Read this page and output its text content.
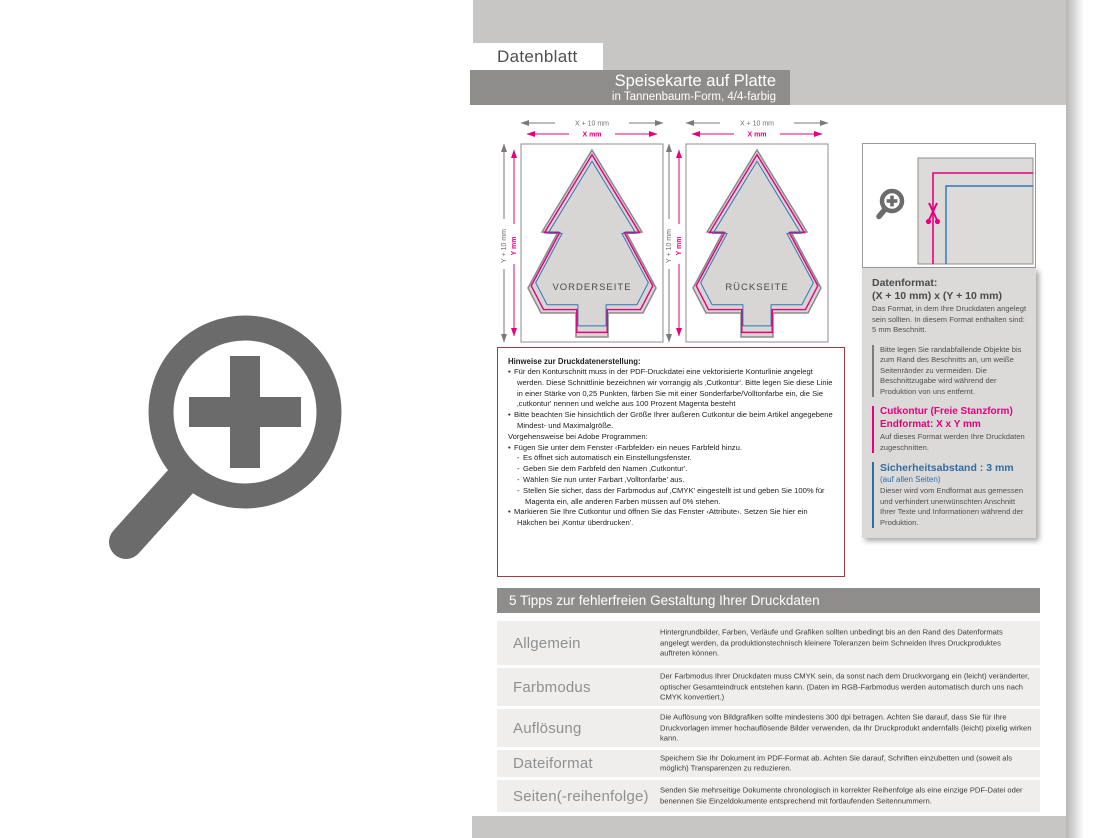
Datenblatt
Speisekarte auf Platte
in Tannenbaum-Form, 4/4-farbig
X + 10 mm
X mm
Y + 10 mm Y mm
VORDERSEITE
X + 10 mm
X mm
Y + 10 mm Y mm
RÜCKSEITE	Datenformat:
(X + 10 mm) x (Y + 10 mm)
Das Format, in dem Ihre Druckdaten angelegt sein sollten. In diesem Format enthalten sind: 5 mm Beschnitt.
Bitte legen Sie randabfallende Objekte bis zum Rand des Beschnitts an, um weiße Seitenränder zu vermeiden. Die Beschnittzugabe wird während der Produktion von uns entfernt.
Cutkontur (Freie Stanzform)
Endformat: X x Y mm
Auf dieses Format werden Ihre Druckdaten zugeschnitten.
Sicherheitsabstand : 3 mm
(auf allen Seiten)
Dieser wird vom Endformat aus gemessen und verhindert unerwünschten Anschnitt Ihrer Texte und Informationen während der Produktion.
Hinweise zur Druckdatenerstellung:
• Für den Konturschnitt muss in der PDF-Druckdatei eine vektorisierte Konturlinie angelegt werden. Diese Schnittlinie bezeichnen wir vorrangig als ‚Cutkontur'. Bitte legen Sie diese Linie in einer Stärke von 0,25 Punkten, färben Sie mit einer Sonderfarbe/Volltonfarbe ein, die Sie ‚cutkontur' nennen und welche aus 100 Prozent Magenta besteht
• Bitte beachten Sie hinsichtlich der Größe Ihrer äußeren Cutkontur die beim Artikel angegebene Mindest- und Maximalgröße.
Vorgehensweise bei Adobe Programmen:
• Fügen Sie unter dem Fenster ‹Farbfelder› ein neues Farbfeld hinzu.
- Es öffnet sich automatisch ein Einstellungsfenster.
- Geben Sie dem Farbfeld den Namen ‚Cutkontur'.
- Wählen Sie nun unter Farbart ‚Volltonfarbe' aus.
- Stellen Sie sicher, dass der Farbmodus auf ‚CMYK' eingestellt ist und geben Sie 100% für Magenta ein, alle anderen Farben müssen auf 0% stehen.
• Markieren Sie Ihre Cutkontur und öffnen Sie das Fenster ‹Attribute›. Setzen Sie hier ein Häkchen bei ‚Kontur überdrucken'.
5 Tipps zur fehlerfreien Gestaltung Ihrer Druckdaten
Allgemein
Hintergrundbilder, Farben, Verläufe und Grafiken sollten unbedingt bis an den Rand des Datenformats angelegt werden, da produktionstechnisch kleinere Toleranzen beim Schneiden Ihres Druckproduktes auftreten können.
Farbmodus
Der Farbmodus Ihrer Druckdaten muss CMYK sein, da sonst nach dem Druckvorgang ein (leicht) veränderter, optischer Gesamteindruck entstehen kann. (Daten im RGB-Farbmodus werden automatisch durch uns nach CMYK konvertiert.)
Auflösung
Die Auflösung von Bildgrafiken sollte mindestens 300 dpi betragen. Achten Sie darauf, dass Sie für Ihre Druckvorlagen immer hochauflösende Bilder verwenden, da Ihr Druckprodukt andernfalls (leicht) pixelig wirken kann.
Dateiformat	Speichern Sie Ihr Dokument im PDF-Format ab. Achten Sie darauf, Schriften einzubetten und (soweit als möglich) Transparenzen zu reduzieren.
Seiten(-reihenfolge) Senden Sie mehrseitige Dokumente chronologisch in korrekter Reihenfolge als eine einzige PDF-Datei oder benennen Sie Einzeldokumente entsprechend mit fortlaufenden Seitennummern.
